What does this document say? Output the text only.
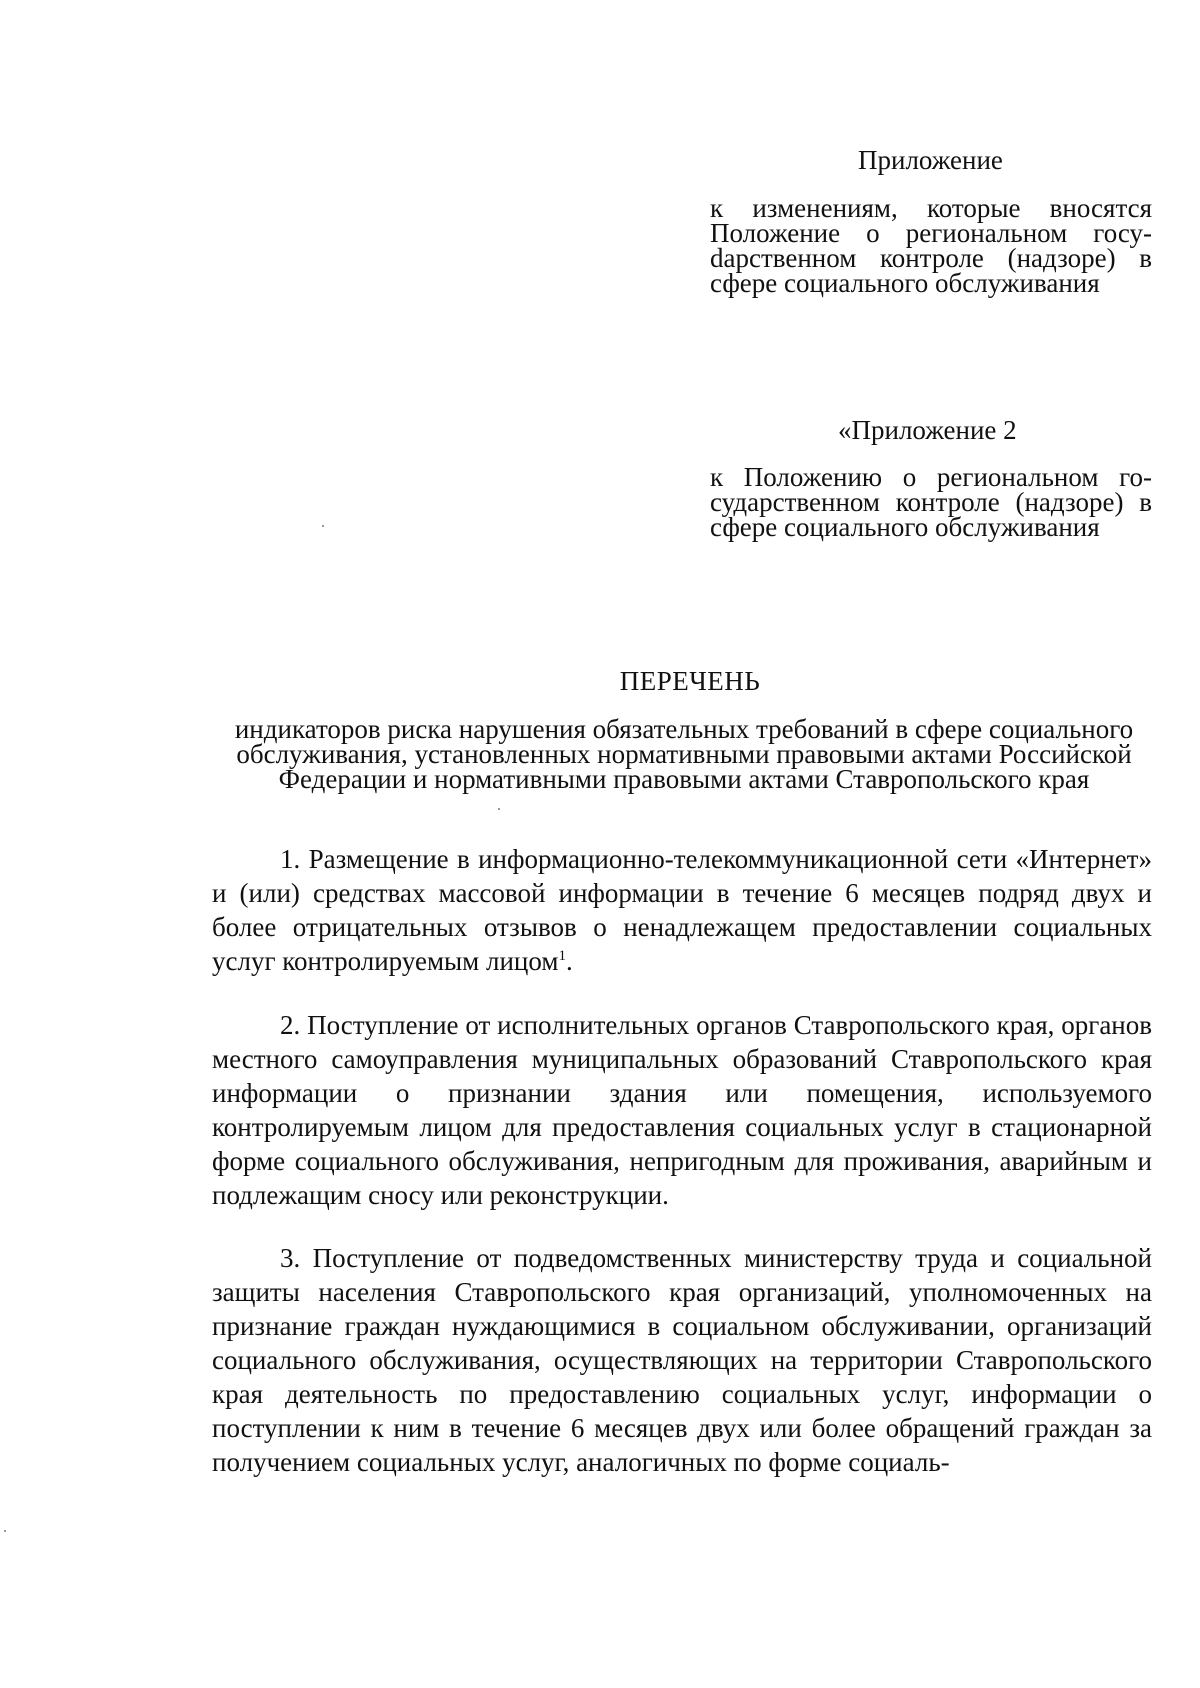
Приложение
к изменениям, которые вносятся Положение о региональном госуdарственном контроле (надзоре) в сфере социального обслуживания
«Приложение 2
к Положению о региональном государственном контроле (надзоре) в сфере социального обслуживания
ПЕРЕЧЕНЬ
индикаторов риска нарушения обязательных требований в сфере социального обслуживания, установленных нормативными правовыми актами Российской Федерации и нормативными правовыми актами Ставропольского края

1. Размещение в информационно-телекоммуникационной сети «Интернет» и (или) средствах массовой информации в течение 6 месяцев подряд двух и более отрицательных отзывов о ненадлежащем предоставлении социальных услуг контролируемым лицом$^1$.

2. Поступление от исполнительных органов Ставропольского края, органов местного самоуправления муниципальных образований Ставропольского края информации о признании здания или помещения, используемого контролируемым лицом для предоставления социальных услуг в стационарной форме социального обслуживания, непригодным для проживания, аварийным и подлежащим сносу или реконструкции.

3. Поступление от подведомственных министерству труда и социальной защиты населения Ставропольского края организаций, уполномоченных на признание граждан нуждающимися в социальном обслуживании, организаций социального обслуживания, осуществляющих на территории Ставропольского края деятельность по предоставлению социальных услуг, информации о поступлении к ним в течение 6 месяцев двух или более обращений граждан за получением социальных услуг, аналогичных по форме социаль-
